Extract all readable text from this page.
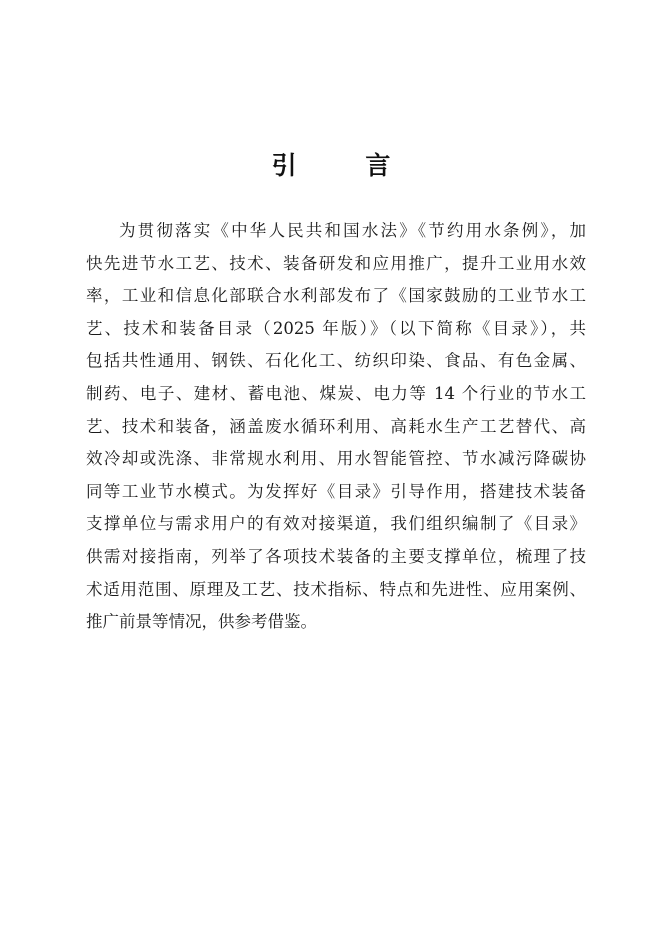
引 言
为贯彻落实《中华人民共和国水法》《节约用水条例》，加
快先进节水工艺、技术、装备研发和应用推广，提升工业用水效
率，工业和信息化部联合水利部发布了《国家鼓励的工业节水工
艺、技术和装备目录（2025 年版）》（以下简称《目录》），共
包括共性通用、钢铁、石化化工、纺织印染、食品、有色金属、
制药、电子、建材、蓄电池、煤炭、电力等 14 个行业的节水工
艺、技术和装备，涵盖废水循环利用、高耗水生产工艺替代、高
效冷却或洗涤、非常规水利用、用水智能管控、节水减污降碳协
同等工业节水模式。为发挥好《目录》引导作用，搭建技术装备
支撑单位与需求用户的有效对接渠道，我们组织编制了《目录》
供需对接指南，列举了各项技术装备的主要支撑单位，梳理了技
术适用范围、原理及工艺、技术指标、特点和先进性、应用案例、
推广前景等情况，供参考借鉴。
